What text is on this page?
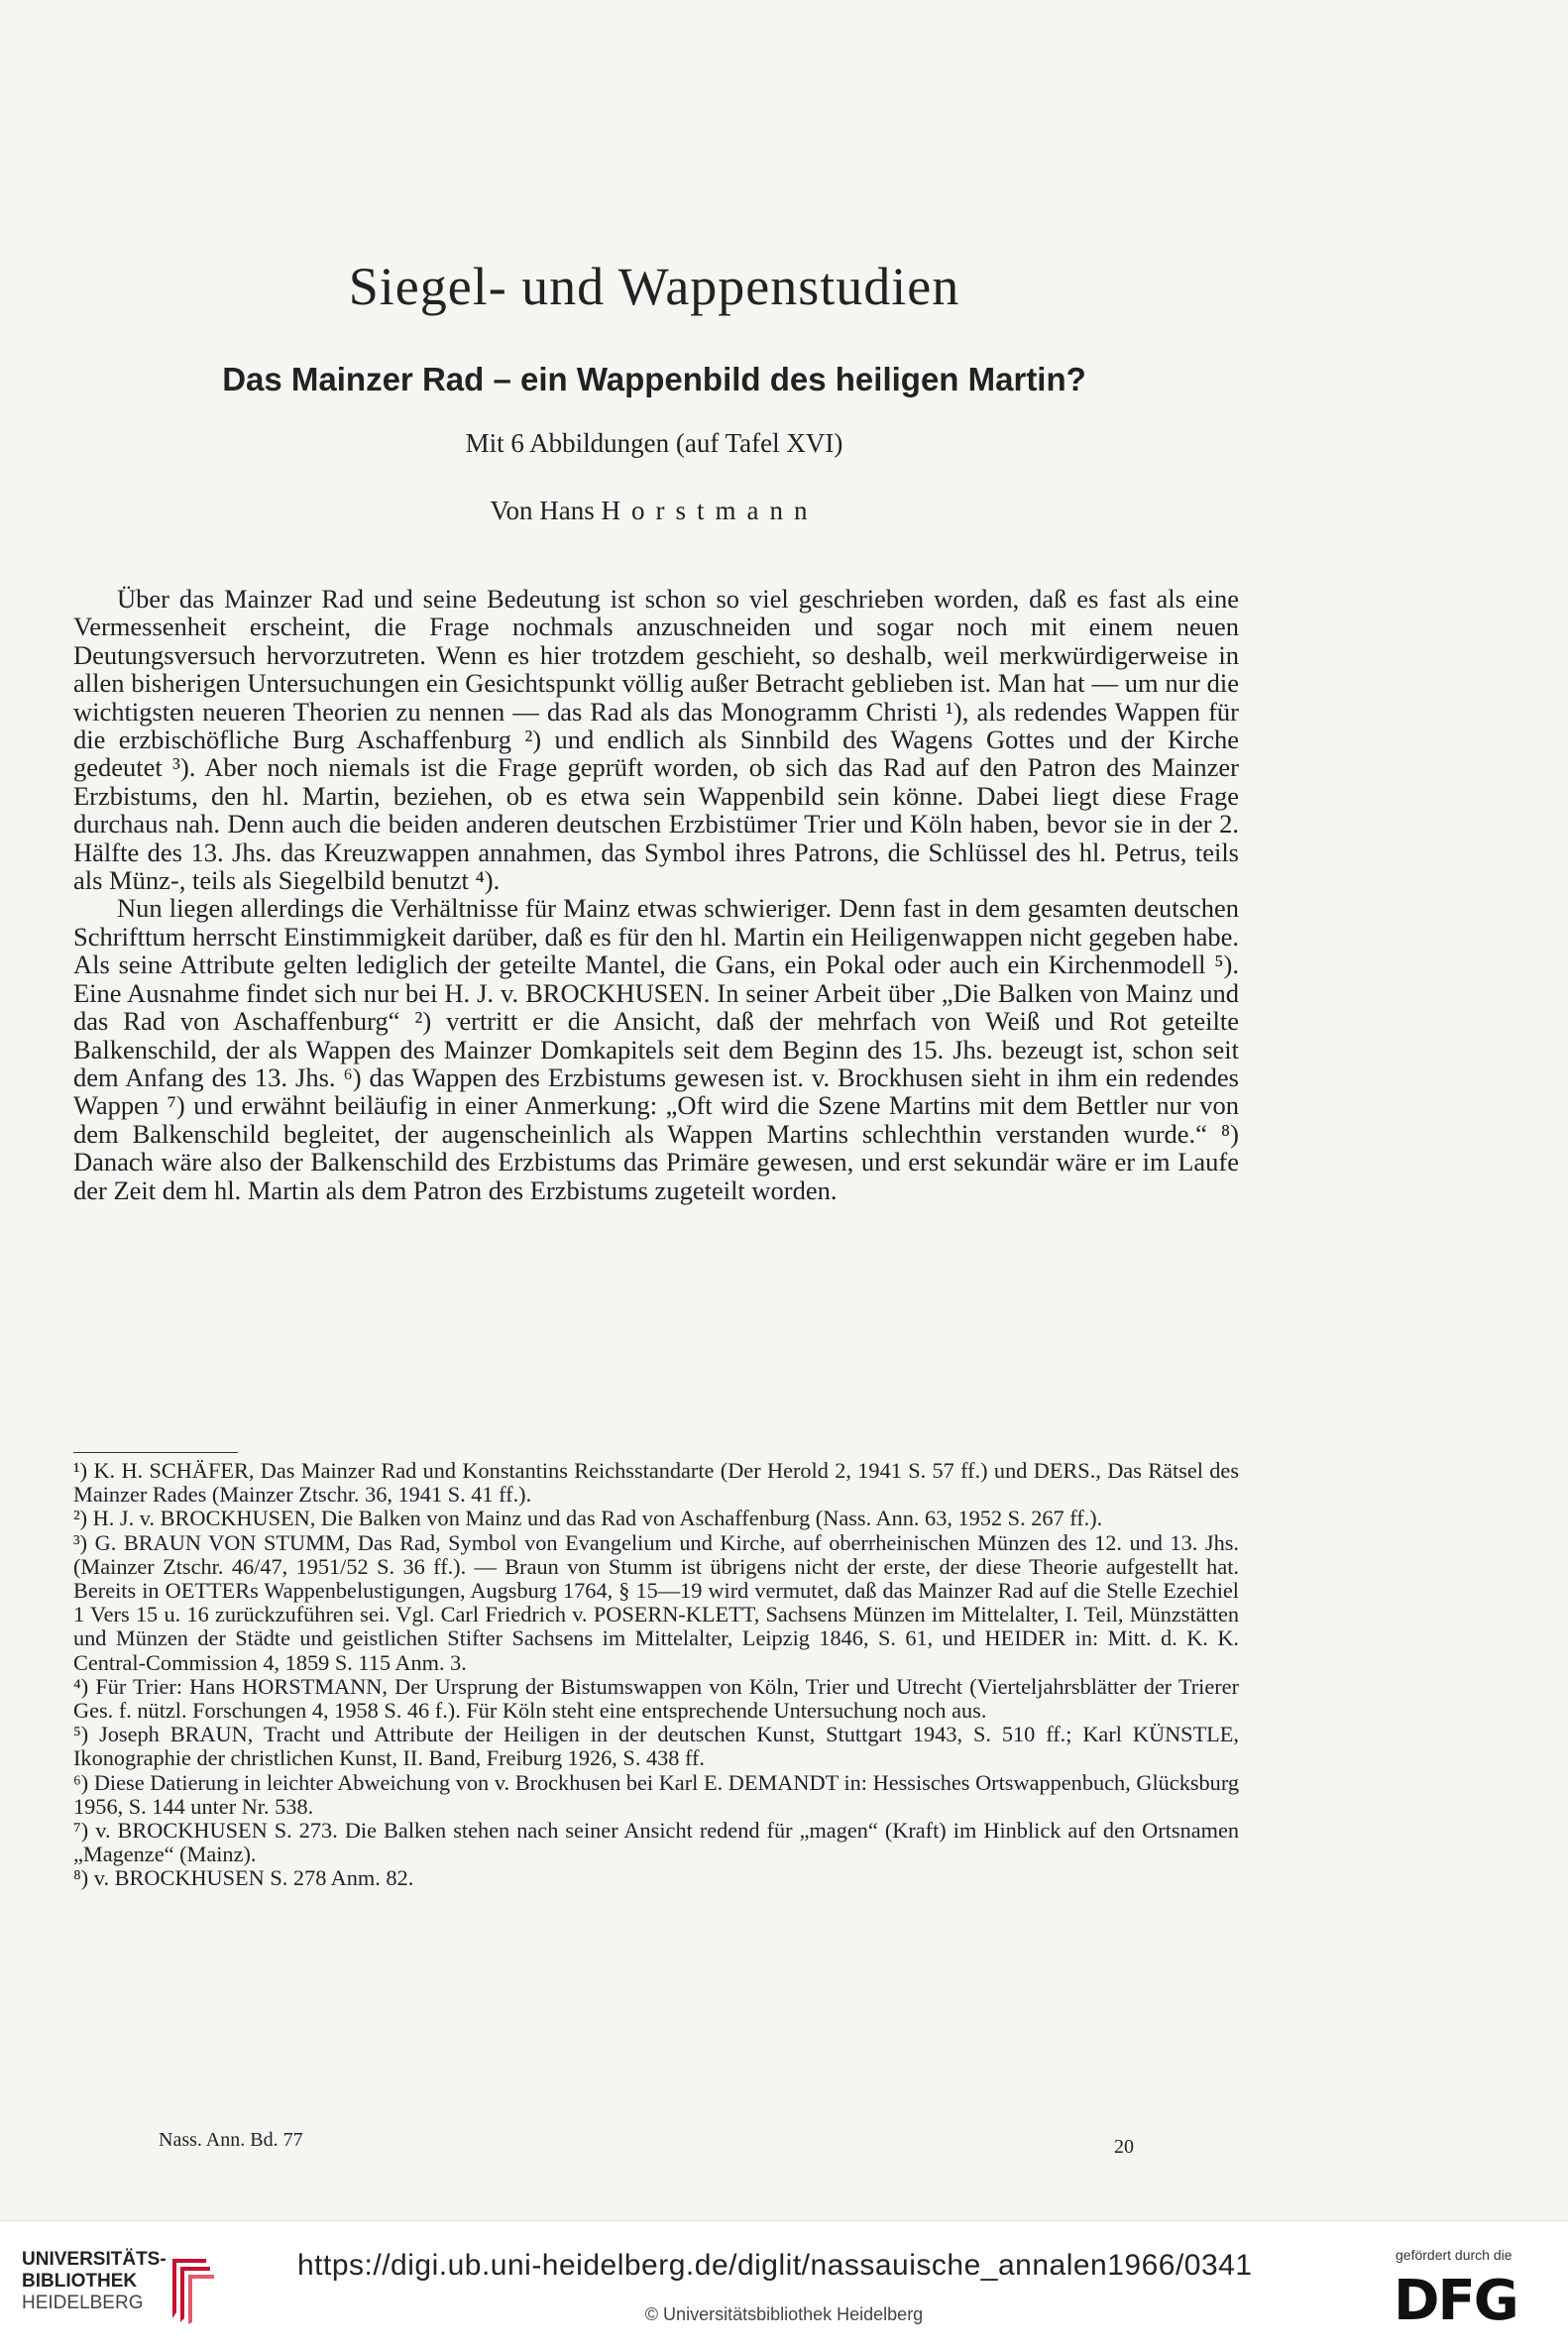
Siegel- und Wappenstudien
Das Mainzer Rad – ein Wappenbild des heiligen Martin?
Mit 6 Abbildungen (auf Tafel XVI)
Von Hans Horstmann

Über das Mainzer Rad und seine Bedeutung ist schon so viel geschrieben worden, daß es fast als eine Vermessenheit erscheint, die Frage nochmals anzuschneiden und sogar noch mit einem neuen Deutungsversuch hervorzutreten. Wenn es hier trotzdem geschieht, so deshalb, weil merkwürdigerweise in allen bisherigen Untersuchungen ein Gesichtspunkt völlig außer Betracht geblieben ist. Man hat — um nur die wichtigsten neueren Theorien zu nennen — das Rad als das Monogramm Christi ¹), als redendes Wappen für die erzbischöfliche Burg Aschaffenburg ²) und endlich als Sinnbild des Wagens Gottes und der Kirche gedeutet ³). Aber noch niemals ist die Frage geprüft worden, ob sich das Rad auf den Patron des Mainzer Erzbistums, den hl. Martin, beziehen, ob es etwa sein Wappenbild sein könne. Dabei liegt diese Frage durchaus nah. Denn auch die beiden anderen deutschen Erzbistümer Trier und Köln haben, bevor sie in der 2. Hälfte des 13. Jhs. das Kreuzwappen annahmen, das Symbol ihres Patrons, die Schlüssel des hl. Petrus, teils als Münz-, teils als Siegelbild benutzt ⁴).

Nun liegen allerdings die Verhältnisse für Mainz etwas schwieriger. Denn fast in dem gesamten deutschen Schrifttum herrscht Einstimmigkeit darüber, daß es für den hl. Martin ein Heiligenwappen nicht gegeben habe. Als seine Attribute gelten lediglich der geteilte Mantel, die Gans, ein Pokal oder auch ein Kirchenmodell ⁵). Eine Ausnahme findet sich nur bei H. J. v. BROCKHUSEN. In seiner Arbeit über „Die Balken von Mainz und das Rad von Aschaffenburg“ ²) vertritt er die Ansicht, daß der mehrfach von Weiß und Rot geteilte Balkenschild, der als Wappen des Mainzer Domkapitels seit dem Beginn des 15. Jhs. bezeugt ist, schon seit dem Anfang des 13. Jhs. ⁶) das Wappen des Erzbistums gewesen ist. v. Brockhusen sieht in ihm ein redendes Wappen ⁷) und erwähnt beiläufig in einer Anmerkung: „Oft wird die Szene Martins mit dem Bettler nur von dem Balkenschild begleitet, der augenscheinlich als Wappen Martins schlechthin verstanden wurde.“ ⁸) Danach wäre also der Balkenschild des Erzbistums das Primäre gewesen, und erst sekundär wäre er im Laufe der Zeit dem hl. Martin als dem Patron des Erzbistums zugeteilt worden.

¹) K. H. SCHÄFER, Das Mainzer Rad und Konstantins Reichsstandarte (Der Herold 2, 1941 S. 57 ff.) und DERS., Das Rätsel des Mainzer Rades (Mainzer Ztschr. 36, 1941 S. 41 ff.).

²) H. J. v. BROCKHUSEN, Die Balken von Mainz und das Rad von Aschaffenburg (Nass. Ann. 63, 1952 S. 267 ff.).

³) G. BRAUN VON STUMM, Das Rad, Symbol von Evangelium und Kirche, auf oberrheinischen Münzen des 12. und 13. Jhs. (Mainzer Ztschr. 46/47, 1951/52 S. 36 ff.). — Braun von Stumm ist übrigens nicht der erste, der diese Theorie aufgestellt hat. Bereits in OETTERs Wappenbelustigungen, Augsburg 1764, § 15—19 wird vermutet, daß das Mainzer Rad auf die Stelle Ezechiel 1 Vers 15 u. 16 zurückzuführen sei. Vgl. Carl Friedrich v. POSERN-KLETT, Sachsens Münzen im Mittelalter, I. Teil, Münzstätten und Münzen der Städte und geistlichen Stifter Sachsens im Mittelalter, Leipzig 1846, S. 61, und HEIDER in: Mitt. d. K. K. Central-Commission 4, 1859 S. 115 Anm. 3.

⁴) Für Trier: Hans HORSTMANN, Der Ursprung der Bistumswappen von Köln, Trier und Utrecht (Vierteljahrsblätter der Trierer Ges. f. nützl. Forschungen 4, 1958 S. 46 f.). Für Köln steht eine entsprechende Untersuchung noch aus.

⁵) Joseph BRAUN, Tracht und Attribute der Heiligen in der deutschen Kunst, Stuttgart 1943, S. 510 ff.; Karl KÜNSTLE, Ikonographie der christlichen Kunst, II. Band, Freiburg 1926, S. 438 ff.

⁶) Diese Datierung in leichter Abweichung von v. Brockhusen bei Karl E. DEMANDT in: Hessisches Ortswappenbuch, Glücksburg 1956, S. 144 unter Nr. 538.

⁷) v. BROCKHUSEN S. 273. Die Balken stehen nach seiner Ansicht redend für „magen“ (Kraft) im Hinblick auf den Ortsnamen „Magenze“ (Mainz).

⁸) v. BROCKHUSEN S. 278 Anm. 82.

Nass. Ann. Bd. 77	20
UNIVERSITÄTS-
BIBLIOTHEK
HEIDELBERG
https://digi.ub.uni-heidelberg.de/diglit/nassauische_annalen1966/0341
© Universitätsbibliothek Heidelberg
gefördert durch die
DFG
